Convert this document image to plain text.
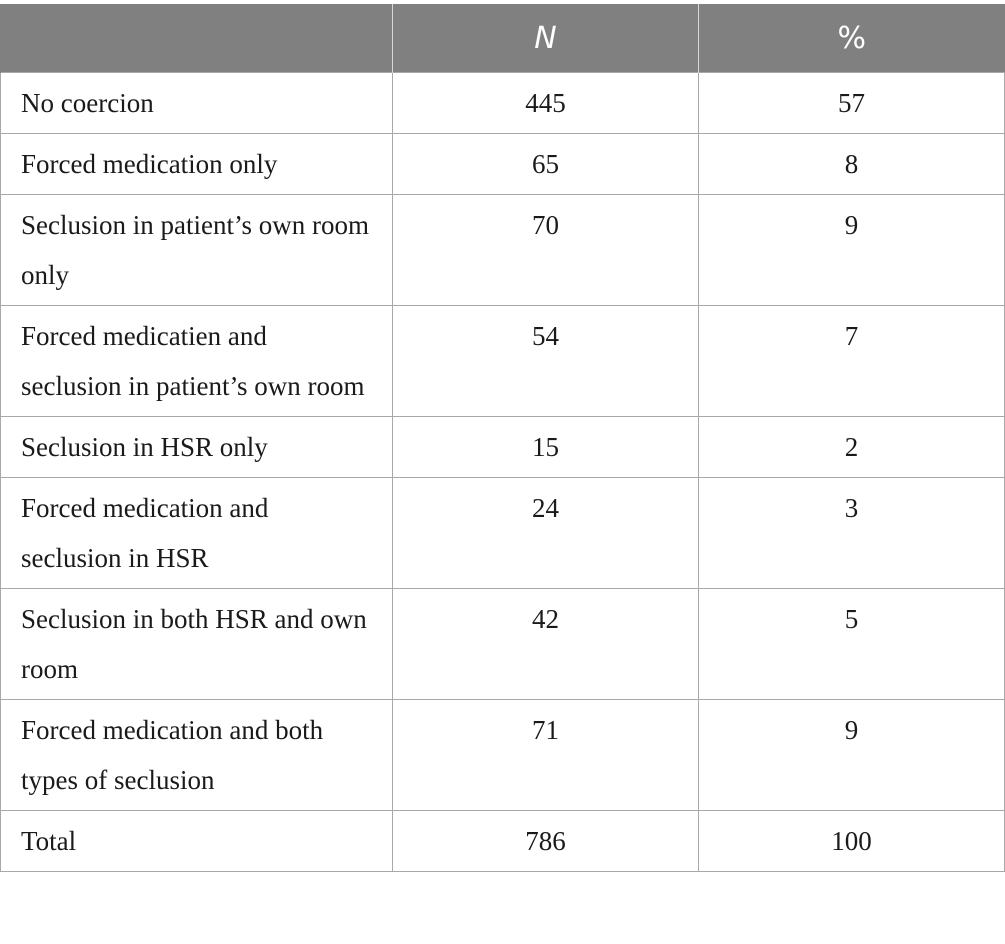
	N	%
No coercion	445	57
Forced medication only	65	8
Seclusion in patient’s own room only	70	9
Forced medicatien and seclusion in patient’s own room	54	7
Seclusion in HSR only	15	2
Forced medication and seclusion in HSR	24	3
Seclusion in both HSR and own room	42	5
Forced medication and both types of seclusion	71	9
Total	786	100
